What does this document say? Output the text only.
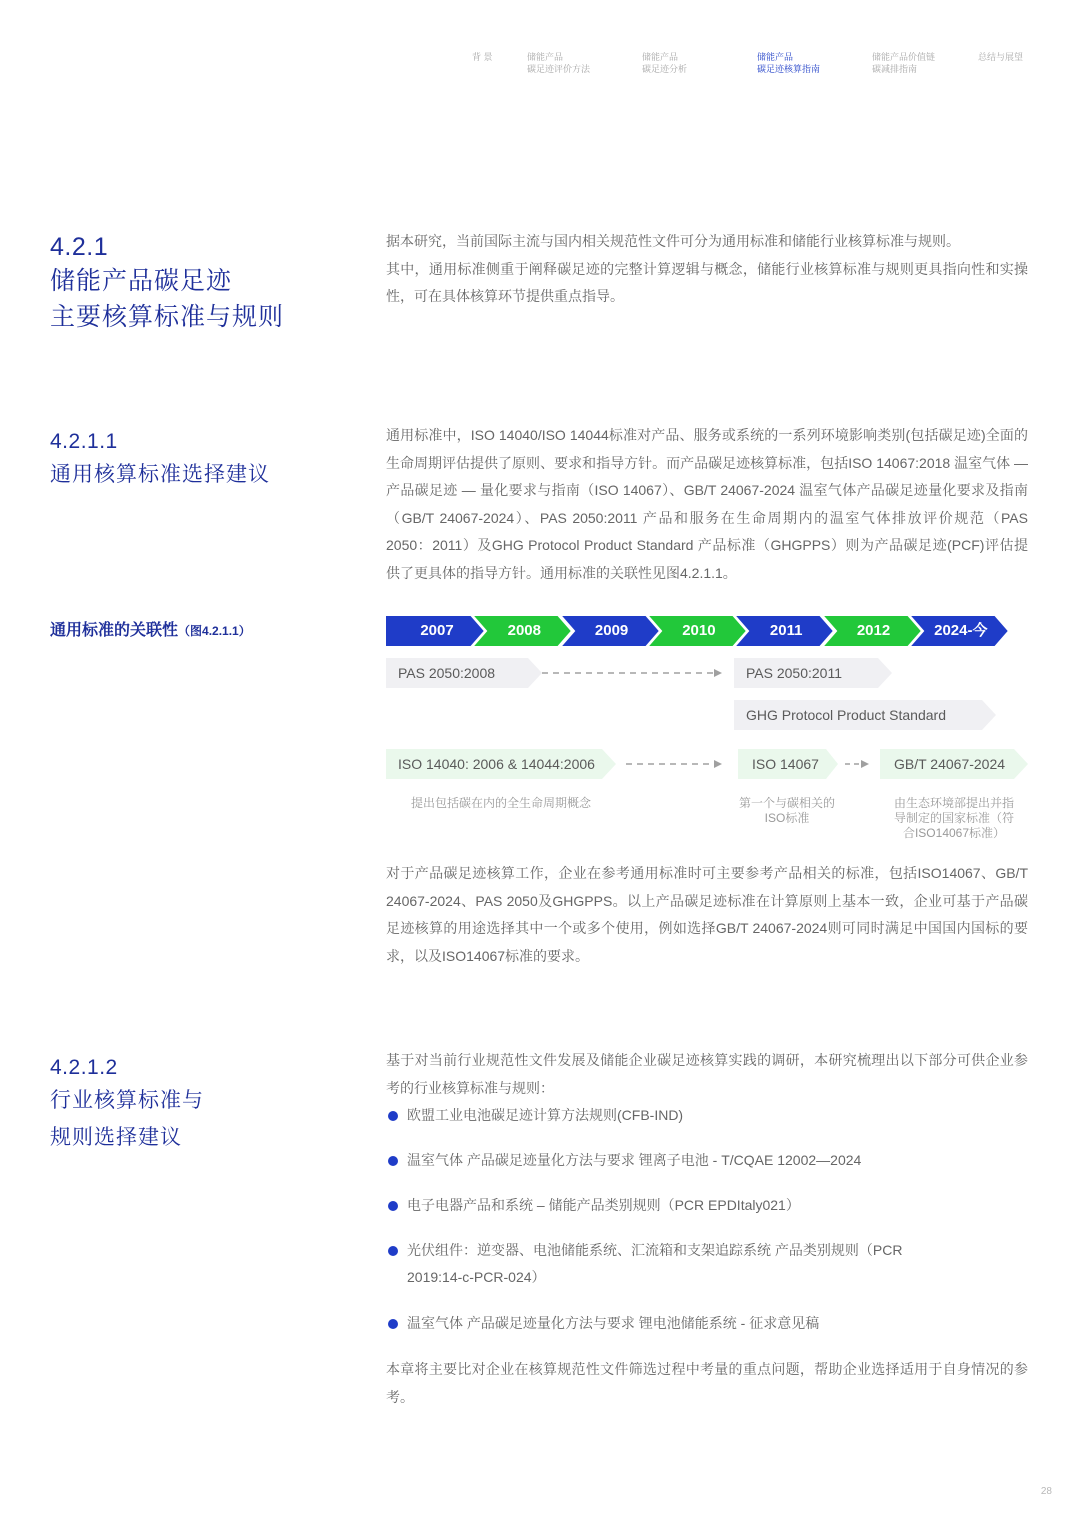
背 景	储能产品
碳足迹评价方法
储能产品
碳足迹分析
储能产品
碳足迹核算指南
储能产品价值链
碳减排指南
总结与展望
4.2.1
储能产品碳足迹
主要核算标准与规则

据本研究，当前国际主流与国内相关规范性文件可分为通用标准和储能行业核算标准与规则。

其中，通用标准侧重于阐释碳足迹的完整计算逻辑与概念，储能行业核算标准与规则更具指向性和实操性，可在具体核算环节提供重点指导。

4.2.1.1
通用核算标准选择建议

通用标准中，ISO 14040/ISO 14044标准对产品、服务或系统的一系列环境影响类别(包括碳足迹)全面的生命周期评估提供了原则、要求和指导方针。而产品碳足迹核算标准，包括ISO 14067:2018 温室气体 — 产品碳足迹 — 量化要求与指南（ISO 14067）、GB/T 24067-2024 温室气体产品碳足迹量化要求及指南（GB/T 24067-2024）、PAS 2050:2011 产品和服务在生命周期内的温室气体排放评价规范（PAS 2050：2011）及GHG Protocol Product Standard 产品标准（GHGPPS）则为产品碳足迹(PCF)评估提供了更具体的指导方针。通用标准的关联性见图4.2.1.1。

通用标准的关联性（图4.2.1.1）	2007	2008	2009	2010	2011	2012	2024-今
PAS 2050:2008	PAS 2050:2011
GHG Protocol Product Standard
ISO 14040: 2006 & 14044:2006	ISO 14067	GB/T 24067-2024
提出包括碳在内的全生命周期概念	第一个与碳相关的
ISO标准
由生态环境部提出并指
导制定的国家标准（符
合ISO14067标准）

对于产品碳足迹核算工作，企业在参考通用标准时可主要参考产品相关的标准，包括ISO14067、GB/T 24067-2024、PAS 2050及GHGPPS。以上产品碳足迹标准在计算原则上基本一致，企业可基于产品碳足迹核算的用途选择其中一个或多个使用，例如选择GB/T 24067-2024则可同时满足中国国内国标的要求，以及ISO14067标准的要求。

4.2.1.2
行业核算标准与
规则选择建议

基于对当前行业规范性文件发展及储能企业碳足迹核算实践的调研，本研究梳理出以下部分可供企业参考的行业核算标准与规则：

欧盟工业电池碳足迹计算方法规则(CFB-IND)
温室气体 产品碳足迹量化方法与要求 锂离子电池 - T/CQAE 12002—2024
电子电器产品和系统 – 储能产品类别规则（PCR EPDItaly021）
光伏组件：逆变器、电池储能系统、汇流箱和支架追踪系统 产品类别规则（PCR 2019:14-c-PCR-024）
温室气体 产品碳足迹量化方法与要求 锂电池储能系统 - 征求意见稿

本章将主要比对企业在核算规范性文件筛选过程中考量的重点问题，帮助企业选择适用于自身情况的参考。

28
